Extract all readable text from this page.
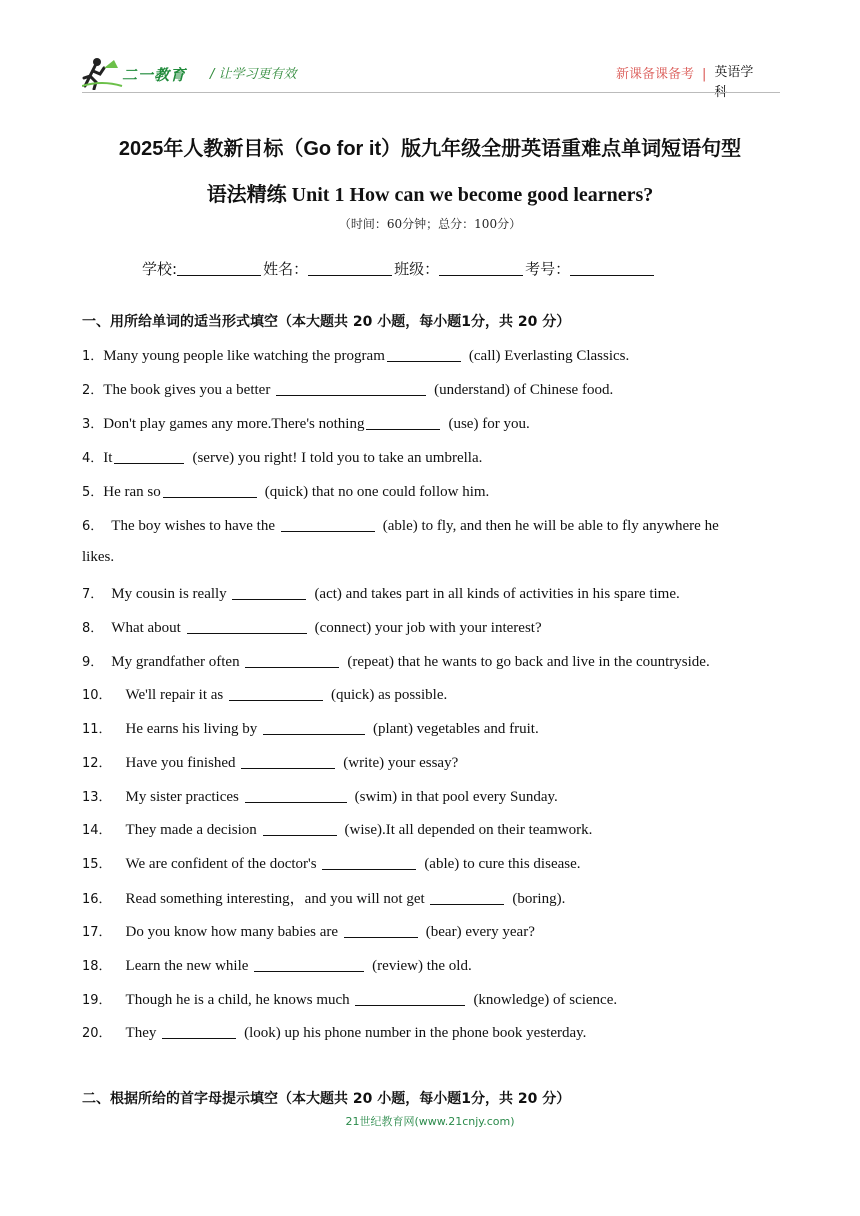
二一教育 / 让学习更有效	新课备课备考 | 英语学科
2025年人教新目标（Go for it）版九年级全册英语重难点单词短语句型
语法精练 Unit 1 How can we become good learners?
（时间：60分钟；总分：100分）
学校:	姓名：	班级：	考号：
一、用所给单词的适当形式填空（本大题共 20 小题，每小题1分，共 20 分）
1．Many young people like watching the program	(call) Everlasting Classics.
2．The book gives you a better	(understand) of Chinese food.
3．Don't play games any more.There's nothing	(use) for you.
4．It	(serve) you right! I told you to take an umbrella.
5．He ran so	(quick) that no one could follow him.
6． The boy wishes to have the	(able) to fly, and then he will be able to fly anywhere he
likes.
7． My cousin is really	(act) and takes part in all kinds of activities in his spare time.
8． What about	(connect) your job with your interest?
9． My grandfather often	(repeat) that he wants to go back and live in the countryside.
10． We'll repair it as	(quick) as possible.
11． He earns his living by	(plant) vegetables and fruit.
12． Have you finished	(write) your essay?
13． My sister practices	(swim) in that pool every Sunday.
14． They made a decision	(wise).It all depended on their teamwork.
15． We are confident of the doctor's	(able) to cure this disease.
16． Read something interesting，and you will not get	(boring).
17． Do you know how many babies are	(bear) every year?
18． Learn the new while	(review) the old.
19． Though he is a child, he knows much	(knowledge) of science.
20． They	(look) up his phone number in the phone book yesterday.
二、根据所给的首字母提示填空（本大题共 20 小题，每小题1分，共 20 分）
21世纪教育网(www.21cnjy.com)
